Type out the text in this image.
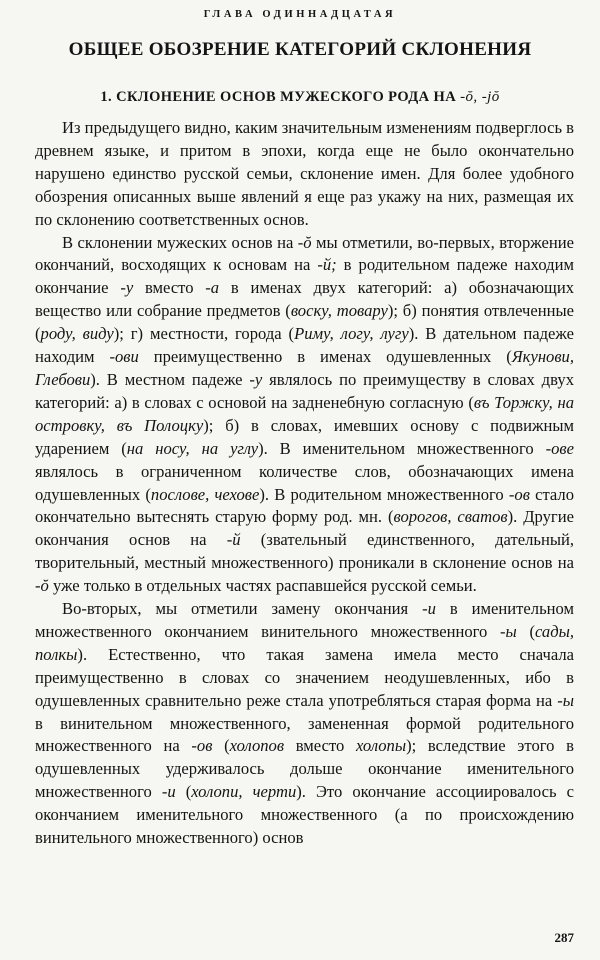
ГЛАВА ОДИННАДЦАТАЯ
ОБЩЕЕ ОБОЗРЕНИЕ КАТЕГОРИЙ СКЛОНЕНИЯ
1. СКЛОНЕНИЕ ОСНОВ МУЖЕСКОГО РОДА НА -ŏ, -jŏ

Из предыдущего видно, каким значительным изменениям подверглось в древнем языке, и притом в эпохи, когда еще не было окончательно нарушено единство русской семьи, склонение имен. Для более удобного обозрения описанных выше явлений я еще раз укажу на них, размещая их по склонению соответственных основ.

В склонении мужеских основ на -ŏ мы отметили, во-первых, вторжение окончаний, восходящих к основам на -й; в родительном падеже находим окончание -у вместо -а в именах двух категорий: а) обозначающих вещество или собрание предметов (воску, товару); б) понятия отвлеченные (роду, виду); г) местности, города (Риму, логу, лугу). В дательном падеже находим -ови преимущественно в именах одушевленных (Якунови, Глебови). В местном падеже -у являлось по преимуществу в словах двух категорий: а) в словах с основой на задненебную согласную (въ Торжку, на островку, въ Полоцку); б) в словах, имевших основу с подвижным ударением (на носу, на углу). В именительном множественного -ове являлось в ограниченном количестве слов, обозначающих имена одушевленных (послове, чехове). В родительном множественного -ов стало окончательно вытеснять старую форму род. мн. (ворогов, сватов). Другие окончания основ на -й (звательный единственного, дательный, творительный, местный множественного) проникали в склонение основ на -ŏ уже только в отдельных частях распавшейся русской семьи.

Во-вторых, мы отметили замену окончания -и в именительном множественного окончанием винительного множественного -ы (сады, полкы). Естественно, что такая замена имела место сначала преимущественно в словах со значением неодушевленных, ибо в одушевленных сравнительно реже стала употребляться старая форма на -ы в винительном множественного, замененная формой родительного множественного на -ов (холопов вместо холопы); вследствие этого в одушевленных удерживалось дольше окончание именительного множественного -и (холопи, черти). Это окончание ассоциировалось с окончанием именительного множественного (а по происхождению винительного множественного) основ

287
